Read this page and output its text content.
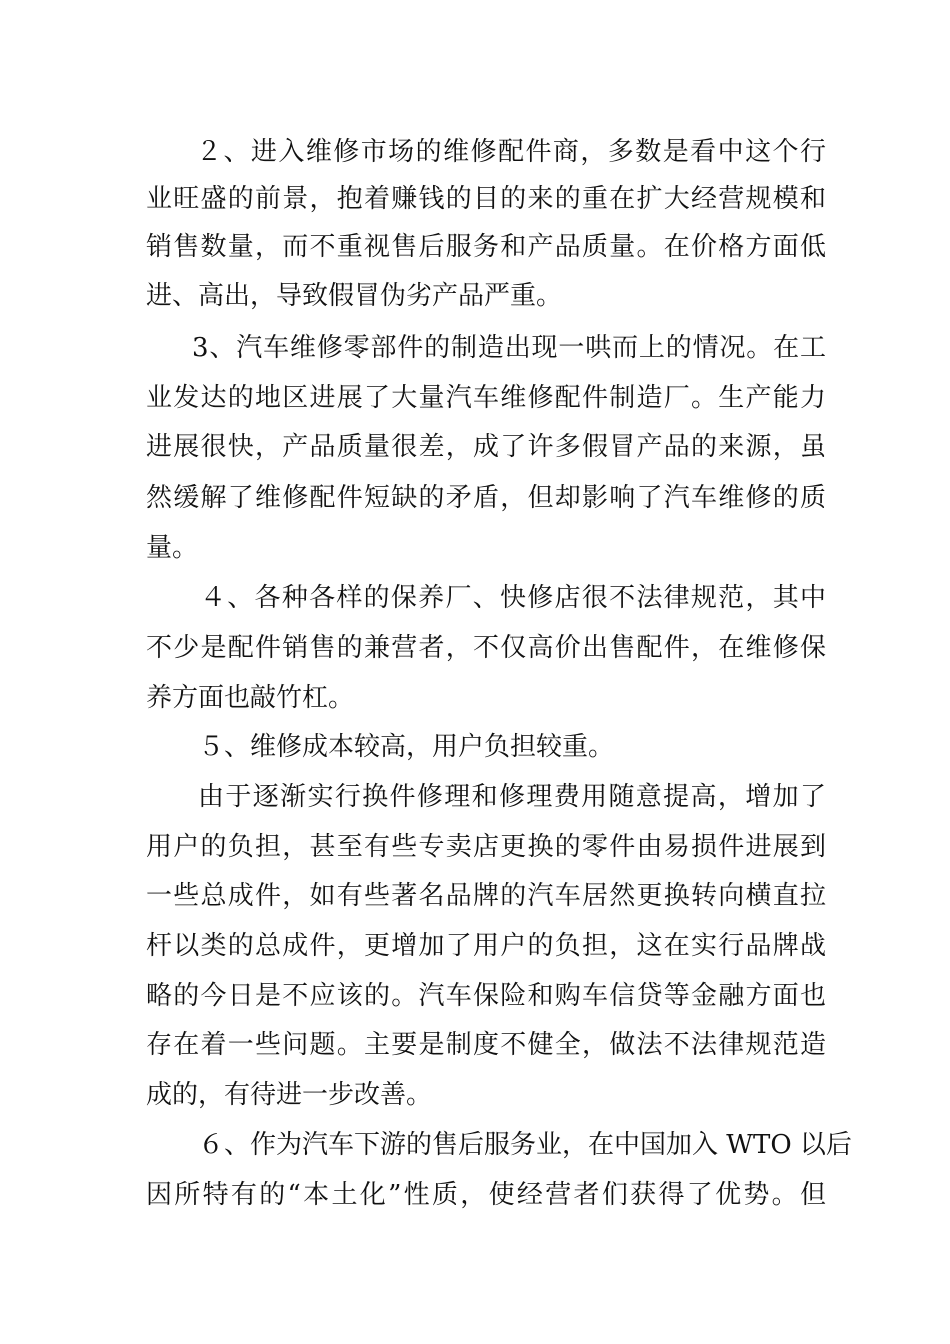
２、进入维修市场的维修配件商，多数是看中这个行
业旺盛的前景，抱着赚钱的目的来的重在扩大经营规模和
销售数量，而不重视售后服务和产品质量。在价格方面低
进、高出，导致假冒伪劣产品严重。
3、汽车维修零部件的制造出现一哄而上的情况。在工
业发达的地区进展了大量汽车维修配件制造厂。生产能力
进展很快，产品质量很差，成了许多假冒产品的来源，虽
然缓解了维修配件短缺的矛盾，但却影响了汽车维修的质
量。
４、各种各样的保养厂、快修店很不法律规范，其中
不少是配件销售的兼营者，不仅高价出售配件，在维修保
养方面也敲竹杠。
５、维修成本较高，用户负担较重。
由于逐渐实行换件修理和修理费用随意提高，增加了
用户的负担，甚至有些专卖店更换的零件由易损件进展到
一些总成件，如有些著名品牌的汽车居然更换转向横直拉
杆以类的总成件，更增加了用户的负担，这在实行品牌战
略的今日是不应该的。汽车保险和购车信贷等金融方面也
存在着一些问题。主要是制度不健全，做法不法律规范造
成的，有待进一步改善。
６、作为汽车下游的售后服务业，在中国加入 WTO 以后
因所特有的“本土化”性质，使经营者们获得了优势。但
